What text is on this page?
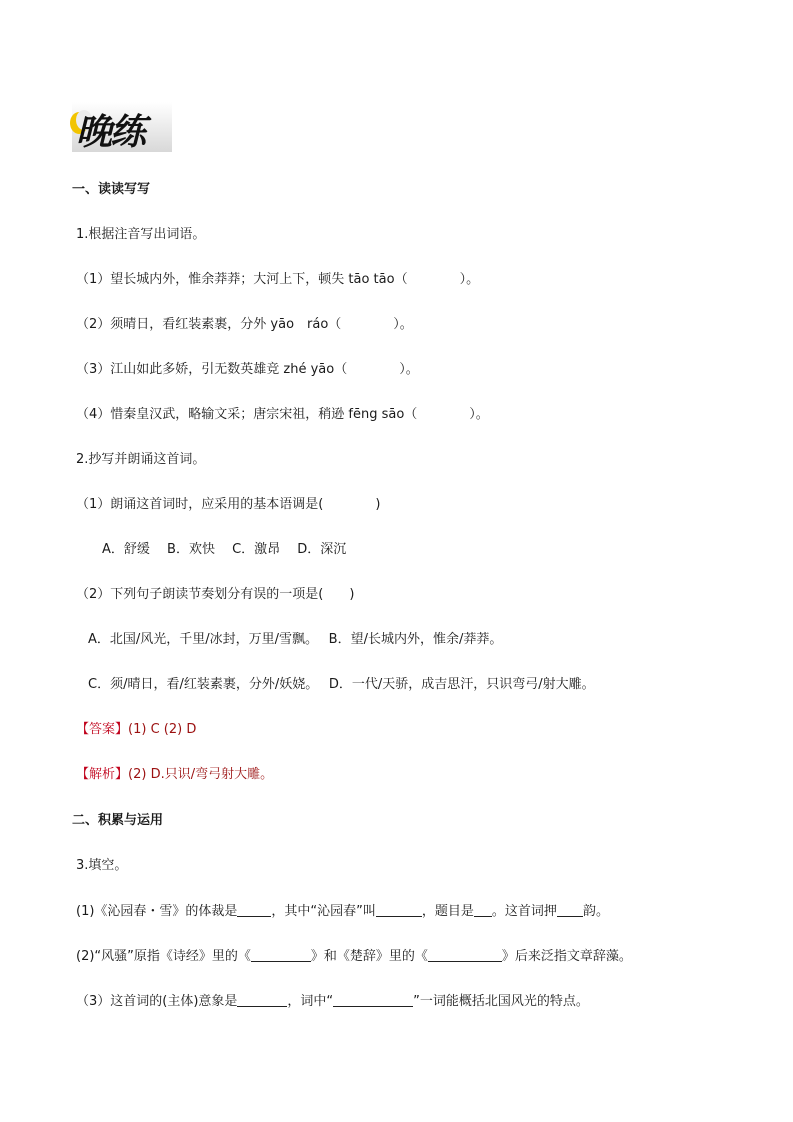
晚练
一、读读写写
1.根据注音写出词语。
（1）望长城内外，惟余莽莽；大河上下，顿失 tāo tāo（　　　　）。
（2）须晴日，看红装素裹，分外 yāo　ráo（　　　　）。
（3）江山如此多娇，引无数英雄竞 zhé yāo（　　　　）。
（4）惜秦皇汉武，略输文采；唐宗宋祖，稍逊 fēng sāo（　　　　）。
2.抄写并朗诵这首词。
（1）朗诵这首词时，应采用的基本语调是(　　　　)
A．舒缓　 B．欢快　 C．激昂　 D．深沉
（2）下列句子朗读节奏划分有误的一项是(　　)
A．北国/风光，千里/冰封，万里/雪飘。　 B．望/长城内外，惟余/莽莽。
C．须/晴日，看/红装素裹，分外/妖娆。　 D．一代/天骄，成吉思汗，只识弯弓/射大雕。
【答案】(1) C (2) D
【解析】(2) D.只识/弯弓射大雕。
二、积累与运用
3.填空。
(1)《沁园春・雪》的体裁是	，其中“沁园春”叫	，题目是 。这首词押 韵。
(2)“风骚”原指《诗经》里的《	》和《楚辞》里的《	》后来泛指文章辞藻。
（3）这首词的(主体)意象是	，词中“	”一词能概括北国风光的特点。
